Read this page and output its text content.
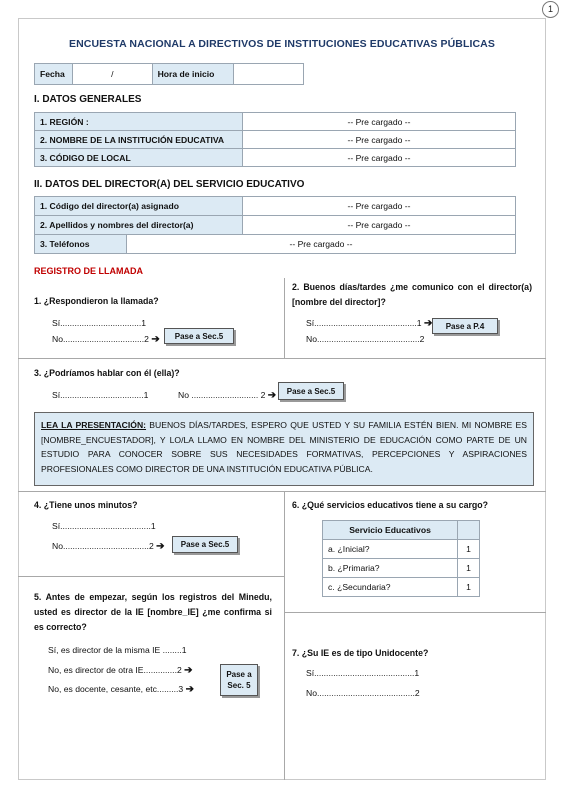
1
ENCUESTA NACIONAL A DIRECTIVOS DE INSTITUCIONES EDUCATIVAS PÚBLICAS
Fecha	/	Hora de inicio	
I. DATOS GENERALES
1. REGIÓN :	-- Pre cargado --
2. NOMBRE DE LA INSTITUCIÓN EDUCATIVA	-- Pre cargado --
3. CÓDIGO DE LOCAL	-- Pre cargado --
II. DATOS DEL DIRECTOR(A) DEL SERVICIO EDUCATIVO
1. Código del director(a) asignado	-- Pre cargado --
2. Apellidos y nombres del director(a)	-- Pre cargado --
3. Teléfonos	-- Pre cargado --
REGISTRO DE LLAMADA
1. ¿Respondieron la llamada?
Sí..................................1
No..................................2 ➔	Pase a Sec.5
2. Buenos días/tardes ¿me comunico con el director(a) [nombre del director]?
Sí...........................................1 ➔
No...........................................2
Pase a P.4
3. ¿Podríamos hablar con él (ella)?
Sí...................................1	No ............................ 2 ➔	Pase a Sec.5
LEA LA PRESENTACIÓN: BUENOS DÍAS/TARDES, ESPERO QUE USTED Y SU FAMILIA ESTÉN BIEN. MI NOMBRE ES [NOMBRE_ENCUESTADOR], Y LO/LA LLAMO EN NOMBRE DEL MINISTERIO DE EDUCACIÓN COMO PARTE DE UN ESTUDIO PARA CONOCER SOBRE SUS NECESIDADES FORMATIVAS, PERCEPCIONES Y ASPIRACIONES PROFESIONALES COMO DIRECTOR DE UNA INSTITUCIÓN EDUCATIVA PÚBLICA.
4. ¿Tiene unos minutos?
Sí......................................1
No....................................2 ➔	Pase a Sec.5
5. Antes de empezar, según los registros del Minedu, usted es director de la IE [nombre_IE] ¿me confirma si es correcto?
Sí, es director de la misma IE ........1
No, es director de otra IE..............2 ➔
No, es docente, cesante, etc.........3 ➔
Pase a
Sec. 5
6. ¿Qué servicios educativos tiene a su cargo?
Servicio Educativos	
a. ¿Inicial?	1
b. ¿Primaria?	1
c. ¿Secundaria?	1
7. ¿Su IE es de tipo Unidocente?
Sí..........................................1
No.........................................2
